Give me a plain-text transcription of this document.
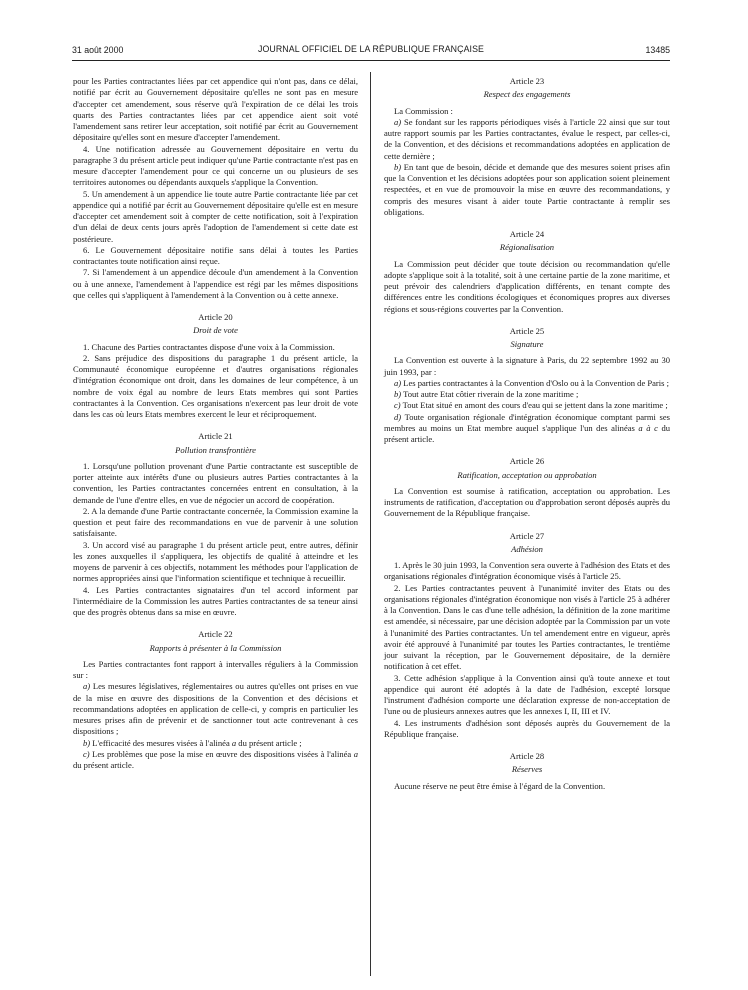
31 août 2000	JOURNAL OFFICIEL DE LA RÉPUBLIQUE FRANÇAISE	13485

pour les Parties contractantes liées par cet appendice qui n'ont pas, dans ce délai, notifié par écrit au Gouvernement dépositaire qu'elles ne sont pas en mesure d'accepter cet amendement, sous réserve qu'à l'expiration de ce délai les trois quarts des Parties contractantes liées par cet appendice aient soit voté l'amendement sans retirer leur acceptation, soit notifié par écrit au Gouvernement dépositaire qu'elles sont en mesure d'accepter l'amendement.

4. Une notification adressée au Gouvernement dépositaire en vertu du paragraphe 3 du présent article peut indiquer qu'une Partie contractante n'est pas en mesure d'accepter l'amendement pour ce qui concerne un ou plusieurs de ses territoires autonomes ou dépendants auxquels s'applique la Convention.

5. Un amendement à un appendice lie toute autre Partie contractante liée par cet appendice qui a notifié par écrit au Gouvernement dépositaire qu'elle est en mesure d'accepter cet amendement soit à compter de cette notification, soit à l'expiration d'un délai de deux cents jours après l'adoption de l'amendement si cette date est postérieure.

6. Le Gouvernement dépositaire notifie sans délai à toutes les Parties contractantes toute notification ainsi reçue.

7. Si l'amendement à un appendice découle d'un amendement à la Convention ou à une annexe, l'amendement à l'appendice est régi par les mêmes dispositions que celles qui s'appliquent à l'amendement à la Convention ou à cette annexe.

Article 20
Droit de vote

1. Chacune des Parties contractantes dispose d'une voix à la Commission.

2. Sans préjudice des dispositions du paragraphe 1 du présent article, la Communauté économique européenne et d'autres organisations régionales d'intégration économique ont droit, dans les domaines de leur compétence, à un nombre de voix égal au nombre de leurs Etats membres qui sont Parties contractantes à la Convention. Ces organisations n'exercent pas leur droit de vote dans les cas où leurs Etats membres exercent le leur et réciproquement.

Article 21
Pollution transfrontière

1. Lorsqu'une pollution provenant d'une Partie contractante est susceptible de porter atteinte aux intérêts d'une ou plusieurs autres Parties contractantes à la convention, les Parties contractantes concernées entrent en consultation, à la demande de l'une d'entre elles, en vue de négocier un accord de coopération.

2. A la demande d'une Partie contractante concernée, la Commission examine la question et peut faire des recommandations en vue de parvenir à une solution satisfaisante.

3. Un accord visé au paragraphe 1 du présent article peut, entre autres, définir les zones auxquelles il s'appliquera, les objectifs de qualité à atteindre et les moyens de parvenir à ces objectifs, notamment les méthodes pour l'application de normes appropriées ainsi que l'information scientifique et technique à recueillir.

4. Les Parties contractantes signataires d'un tel accord informent par l'intermédiaire de la Commission les autres Parties contractantes de sa teneur ainsi que des progrès obtenus dans sa mise en œuvre.

Article 22
Rapports à présenter à la Commission

Les Parties contractantes font rapport à intervalles réguliers à la Commission sur :

a) Les mesures législatives, réglementaires ou autres qu'elles ont prises en vue de la mise en œuvre des dispositions de la Convention et des décisions et recommandations adoptées en application de celle-ci, y compris en particulier les mesures prises afin de prévenir et de sanctionner tout acte contrevenant à ces dispositions ;

b) L'efficacité des mesures visées à l'alinéa a du présent article ;

c) Les problèmes que pose la mise en œuvre des dispositions visées à l'alinéa a du présent article.

Article 23
Respect des engagements

La Commission :

a) Se fondant sur les rapports périodiques visés à l'article 22 ainsi que sur tout autre rapport soumis par les Parties contractantes, évalue le respect, par celles-ci, de la Convention, et des décisions et recommandations adoptées en application de cette dernière ;

b) En tant que de besoin, décide et demande que des mesures soient prises afin que la Convention et les décisions adoptées pour son application soient pleinement respectées, et en vue de promouvoir la mise en œuvre des recommandations, y compris des mesures visant à aider toute Partie contractante à remplir ses obligations.

Article 24
Régionalisation

La Commission peut décider que toute décision ou recommandation qu'elle adopte s'applique soit à la totalité, soit à une certaine partie de la zone maritime, et peut prévoir des calendriers d'application différents, en tenant compte des différences entre les conditions écologiques et économiques propres aux diverses régions et sous-régions couvertes par la Convention.

Article 25
Signature

La Convention est ouverte à la signature à Paris, du 22 septembre 1992 au 30 juin 1993, par :

a) Les parties contractantes à la Convention d'Oslo ou à la Convention de Paris ;

b) Tout autre Etat côtier riverain de la zone maritime ;

c) Tout Etat situé en amont des cours d'eau qui se jettent dans la zone maritime ;

d) Toute organisation régionale d'intégration économique comptant parmi ses membres au moins un Etat membre auquel s'applique l'un des alinéas a à c du présent article.

Article 26
Ratification, acceptation ou approbation

La Convention est soumise à ratification, acceptation ou approbation. Les instruments de ratification, d'acceptation ou d'approbation seront déposés auprès du Gouvernement de la République française.

Article 27
Adhésion

1. Après le 30 juin 1993, la Convention sera ouverte à l'adhésion des Etats et des organisations régionales d'intégration économique visés à l'article 25.

2. Les Parties contractantes peuvent à l'unanimité inviter des Etats ou des organisations régionales d'intégration économique non visés à l'article 25 à adhérer à la Convention. Dans le cas d'une telle adhésion, la définition de la zone maritime est amendée, si nécessaire, par une décision adoptée par la Commission par un vote à l'unanimité des Parties contractantes. Un tel amendement entre en vigueur, après avoir été approuvé à l'unanimité par toutes les Parties contractantes, le trentième jour suivant la réception, par le Gouvernement dépositaire, de la dernière notification à cet effet.

3. Cette adhésion s'applique à la Convention ainsi qu'à toute annexe et tout appendice qui auront été adoptés à la date de l'adhésion, excepté lorsque l'instrument d'adhésion comporte une déclaration expresse de non-acceptation de l'une ou de plusieurs annexes autres que les annexes I, II, III et IV.

4. Les instruments d'adhésion sont déposés auprès du Gouvernement de la République française.

Article 28
Réserves

Aucune réserve ne peut être émise à l'égard de la Convention.
